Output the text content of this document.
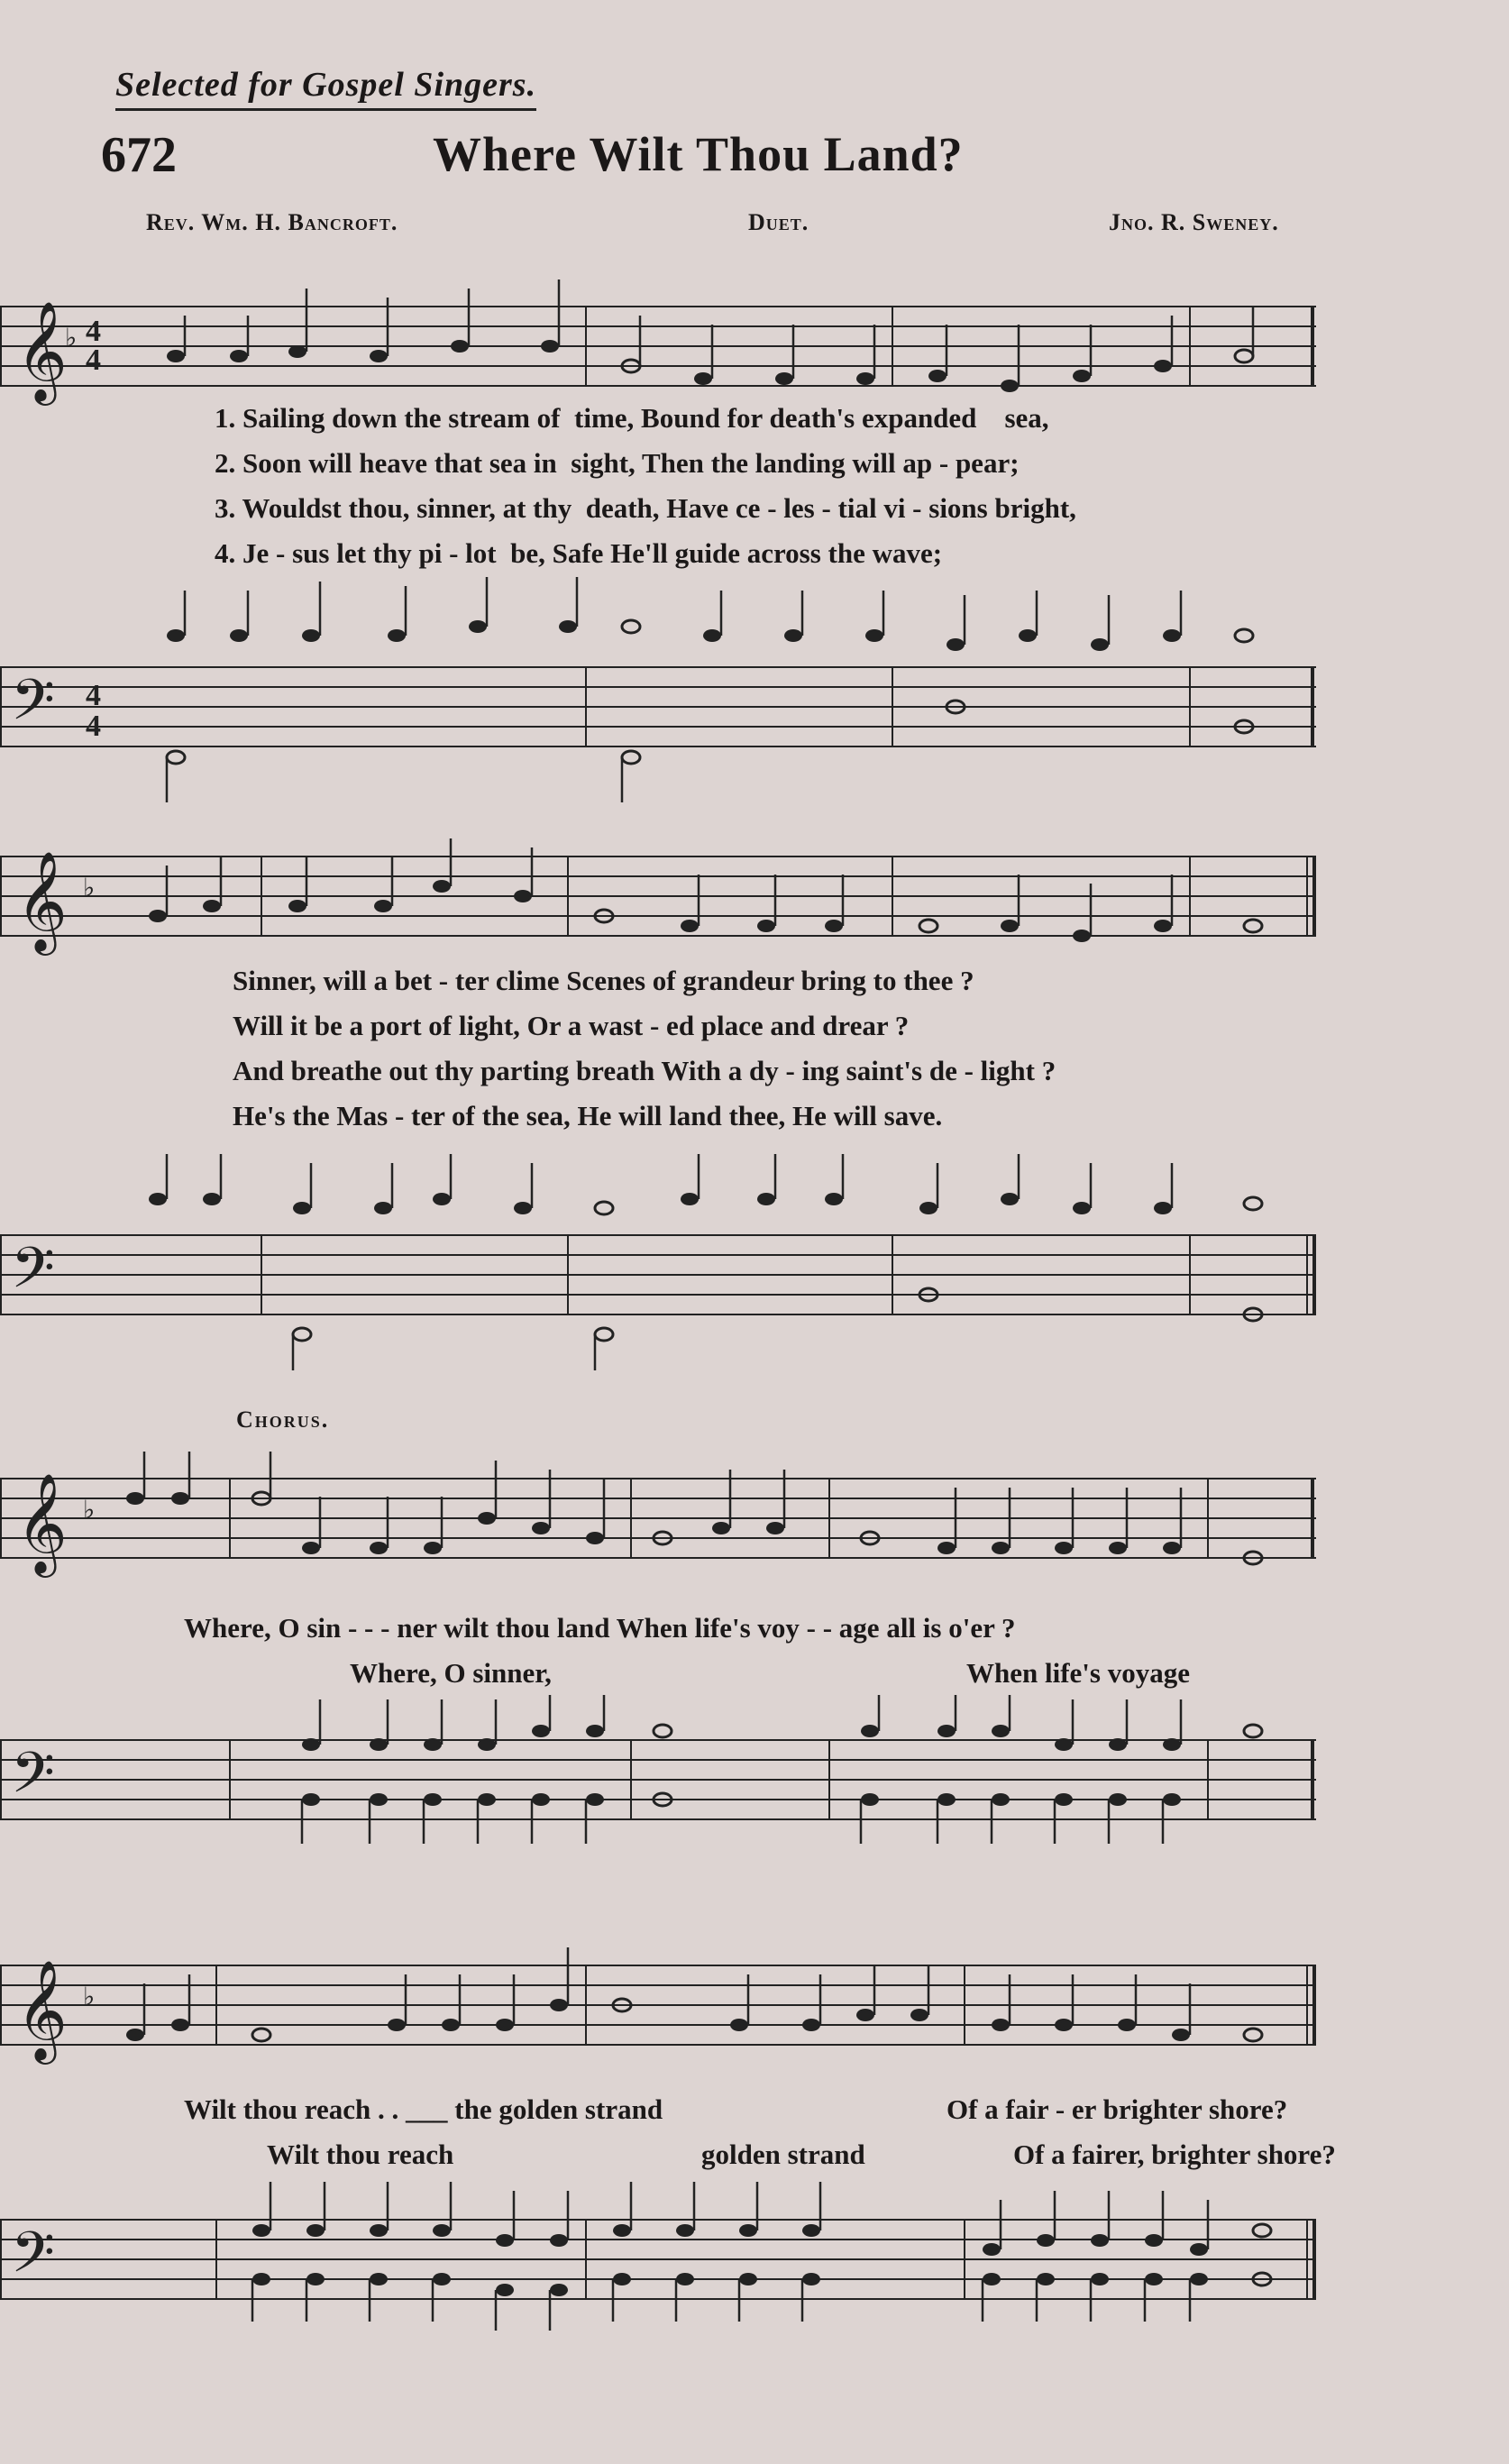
Selected for Gospel Singers.
672	Where Wilt Thou Land?
Rev. Wm. H. Bancroft.	Duet.	Jno. R. Sweney.
𝄞 4
4
♭
1. Sailing down the stream of
time, Bound for death's expanded
sea,
2. Soon will heave that sea in
sight, Then the landing will ap - pear;
3. Wouldst thou, sinner, at thy
death, Have ce - les - tial vi - sions bright,
4. Je - sus let thy pi - lot
be, Safe He'll guide across the wave;
𝄢 4
4
𝄞 ♭
Sinner, will a bet - ter clime Scenes of grandeur bring to thee ?
Will it be a port of light, Or a wast - ed place and drear ?
And breathe out thy parting breath With a dy - ing saint's de - light ?
He's the Mas - ter of the sea, He will land thee, He will save.
𝄢
Chorus.
𝄞 ♭
Where, O sin - - - ner wilt thou land When life's voy - - age all is o'er ?
Where, O sinner,	When life's voyage
𝄢
𝄞 ♭
Wilt thou reach . . ___ the golden strand	Of a fair - er brighter shore?
Wilt thou reach	golden strand	Of a fairer, brighter shore?
𝄢
